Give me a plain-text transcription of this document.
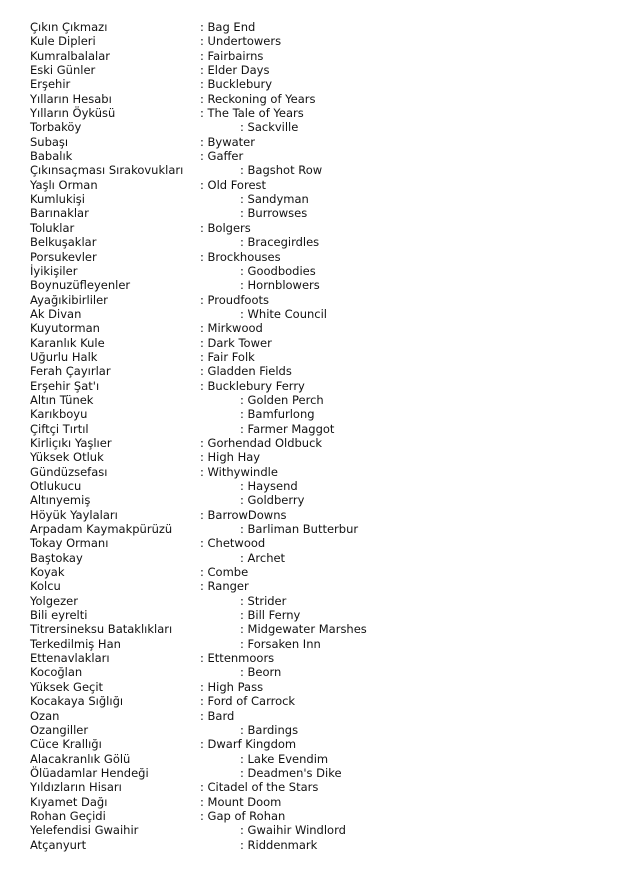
Çıkın Çıkmazı	: Bag End
Kule Dipleri	: Undertowers
Kumralbalalar	: Fairbairns
Eski Günler	: Elder Days
Erşehir	: Bucklebury
Yılların Hesabı	: Reckoning of Years
Yılların Öyküsü	: The Tale of Years
Torbaköy	: Sackville
Subaşı	: Bywater
Babalık	: Gaffer
Çıkınsaçması Sırakovukları	: Bagshot Row
Yaşlı Orman	: Old Forest
Kumlukişi	: Sandyman
Barınaklar	: Burrowses
Toluklar	: Bolgers
Belkuşaklar	: Bracegirdles
Porsukevler	: Brockhouses
İyikişiler	: Goodbodies
Boynuzüfleyenler	: Hornblowers
Ayağıkibirliler	: Proudfoots
Ak Divan	: White Council
Kuyutorman	: Mirkwood
Karanlık Kule	: Dark Tower
Uğurlu Halk	: Fair Folk
Ferah Çayırlar	: Gladden Fields
Erşehir Şat'ı	: Bucklebury Ferry
Altın Tünek	: Golden Perch
Karıkboyu	: Bamfurlong
Çiftçi Tırtıl	: Farmer Maggot
Kirliçıkı Yaşlıer	: Gorhendad Oldbuck
Yüksek Otluk	: High Hay
Gündüzsefası	: Withywindle
Otlukucu	: Haysend
Altınyemiş	: Goldberry
Höyük Yaylaları	: BarrowDowns
Arpadam Kaymakpürüzü	: Barliman Butterbur
Tokay Ormanı	: Chetwood
Baştokay	: Archet
Koyak	: Combe
Kolcu	: Ranger
Yolgezer	: Strider
Bili eyrelti	: Bill Ferny
Titrersineksu Bataklıkları	: Midgewater Marshes
Terkedilmiş Han	: Forsaken Inn
Ettenavlakları	: Ettenmoors
Kocoğlan	: Beorn
Yüksek Geçit	: High Pass
Kocakaya Sığlığı	: Ford of Carrock
Ozan	: Bard
Ozangiller	: Bardings
Cüce Krallığı	: Dwarf Kingdom
Alacakranlık Gölü	: Lake Evendim
Ölüadamlar Hendeği	: Deadmen's Dike
Yıldızların Hisarı	: Citadel of the Stars
Kıyamet Dağı	: Mount Doom
Rohan Geçidi	: Gap of Rohan
Yelefendisi Gwaihir	: Gwaihir Windlord
Atçanyurt	: Riddenmark
